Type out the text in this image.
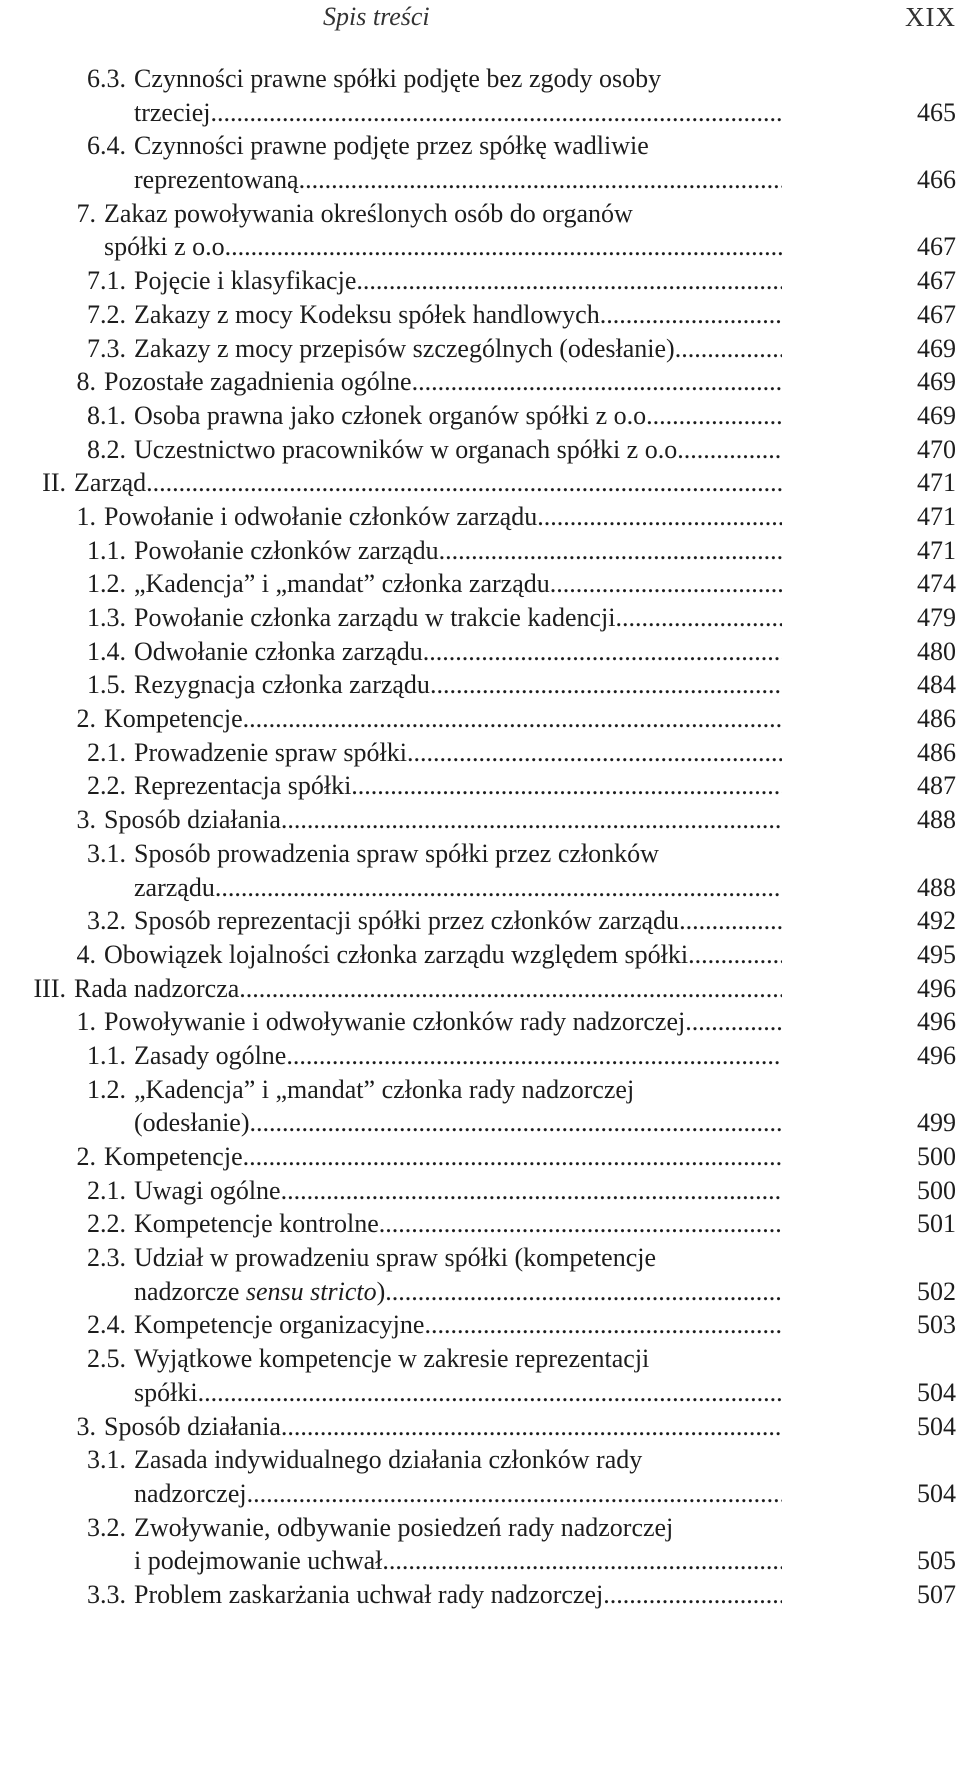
Spis treści	XIX
6.3. Czynności prawne spółki podjęte bez zgody osoby
trzeciej .....	465
6.4. Czynności prawne podjęte przez spółkę wadliwie
reprezentowaną .....	466
7. Zakaz powoływania określonych osób do organów
spółki z o.o. .....	467
7.1. Pojęcie i klasyfikacje .....	467
7.2. Zakazy z mocy Kodeksu spółek handlowych .....	467
7.3. Zakazy z mocy przepisów szczególnych (odesłanie) .....	469
8. Pozostałe zagadnienia ogólne .....	469
8.1. Osoba prawna jako członek organów spółki z o.o. .....	469
8.2. Uczestnictwo pracowników w organach spółki z o.o. .....	470
II. Zarząd .....	471
1. Powołanie i odwołanie członków zarządu .....	471
1.1. Powołanie członków zarządu .....	471
1.2. „Kadencja” i „mandat” członka zarządu .....	474
1.3. Powołanie członka zarządu w trakcie kadencji .....	479
1.4. Odwołanie członka zarządu .....	480
1.5. Rezygnacja członka zarządu .....	484
2. Kompetencje .....	486
2.1. Prowadzenie spraw spółki .....	486
2.2. Reprezentacja spółki .....	487
3. Sposób działania .....	488
3.1. Sposób prowadzenia spraw spółki przez członków
zarządu .....	488
3.2. Sposób reprezentacji spółki przez członków zarządu .....	492
4. Obowiązek lojalności członka zarządu względem spółki .....	495
III. Rada nadzorcza .....	496
1. Powoływanie i odwoływanie członków rady nadzorczej .....	496
1.1. Zasady ogólne .....	496
1.2. „Kadencja” i „mandat” członka rady nadzorczej
(odesłanie) .....	499
2. Kompetencje .....	500
2.1. Uwagi ogólne .....	500
2.2. Kompetencje kontrolne .....	501
2.3. Udział w prowadzeniu spraw spółki (kompetencje
nadzorcze sensu stricto) .....	502
2.4. Kompetencje organizacyjne .....	503
2.5. Wyjątkowe kompetencje w zakresie reprezentacji
spółki .....	504
3. Sposób działania .....	504
3.1. Zasada indywidualnego działania członków rady
nadzorczej .....	504
3.2. Zwoływanie, odbywanie posiedzeń rady nadzorczej
i podejmowanie uchwał .....	505
3.3. Problem zaskarżania uchwał rady nadzorczej .....	507
